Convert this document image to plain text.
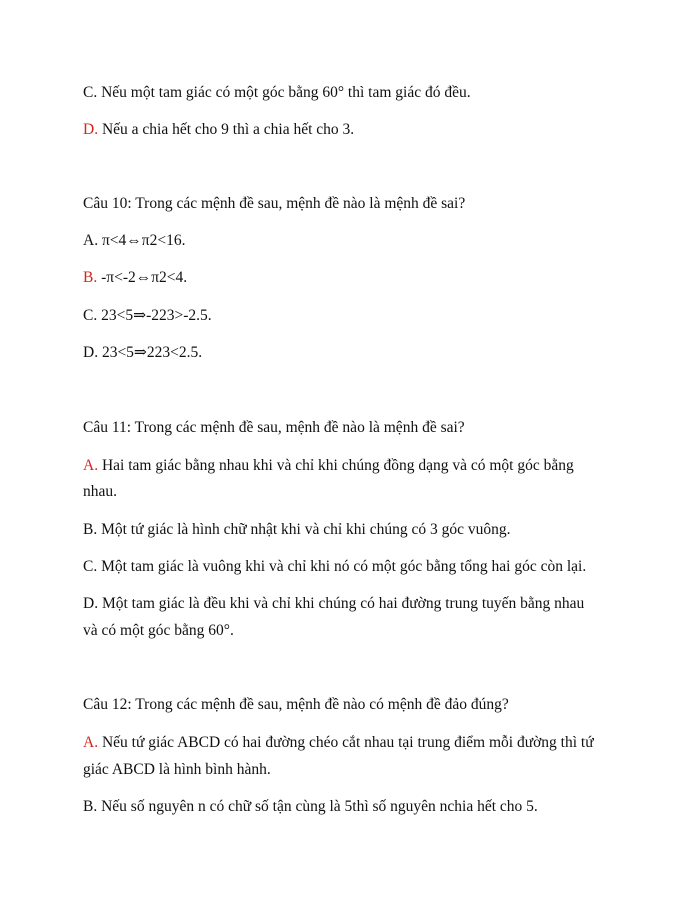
C. Nếu một tam giác có một góc bằng 60° thì tam giác đó đều.
D. Nếu a chia hết cho 9 thì a chia hết cho 3.
Câu 10: Trong các mệnh đề sau, mệnh đề nào là mệnh đề sai?
A. π<4⇔π2<16.
B. -π<-2⇔π2<4.
C. 23<5⇒-223>-2.5.
D. 23<5⇒223<2.5.
Câu 11: Trong các mệnh đề sau, mệnh đề nào là mệnh đề sai?
A. Hai tam giác bằng nhau khi và chỉ khi chúng đồng dạng và có một góc bằng
nhau.
B. Một tứ giác là hình chữ nhật khi và chỉ khi chúng có 3 góc vuông.
C. Một tam giác là vuông khi và chỉ khi nó có một góc bằng tổng hai góc còn lại.
D. Một tam giác là đều khi và chỉ khi chúng có hai đường trung tuyến bằng nhau
và có một góc bằng 60°.
Câu 12: Trong các mệnh đề sau, mệnh đề nào có mệnh đề đảo đúng?
A. Nếu tứ giác ABCD có hai đường chéo cắt nhau tại trung điểm mỗi đường thì tứ
giác ABCD là hình bình hành.
B. Nếu số nguyên n có chữ số tận cùng là 5thì số nguyên nchia hết cho 5.
